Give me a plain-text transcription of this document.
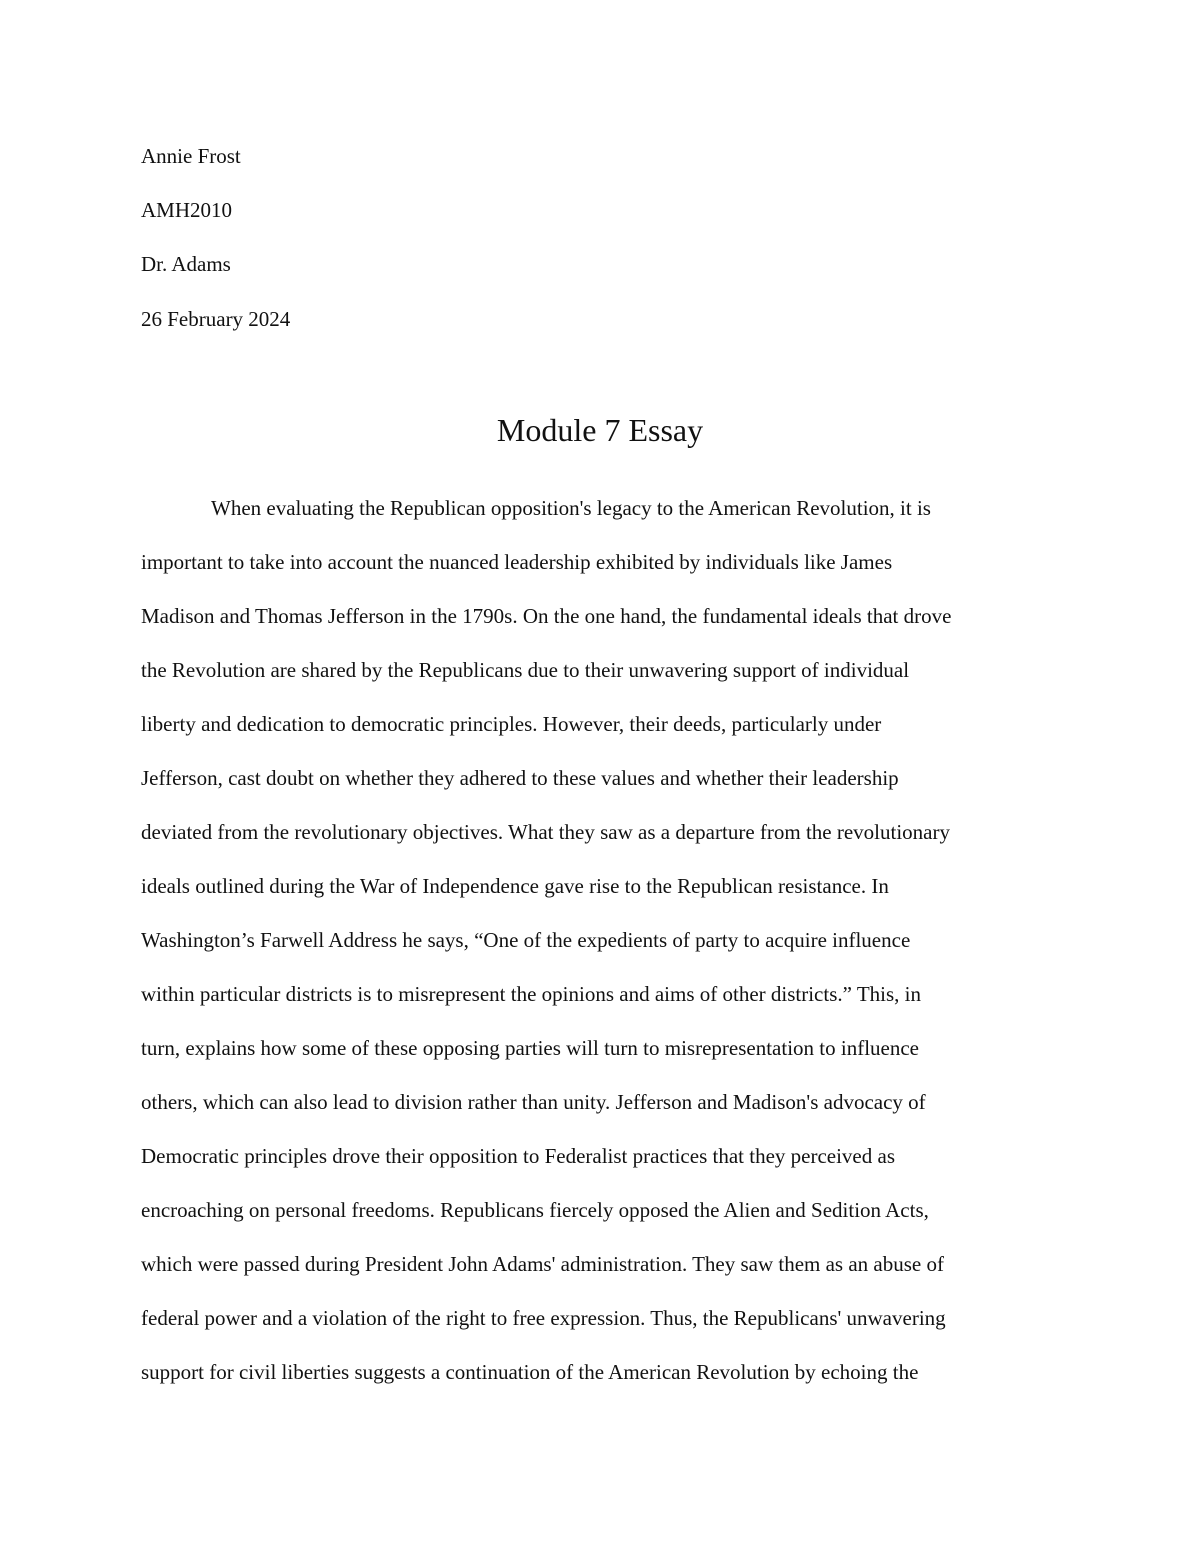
Annie Frost
AMH2010
Dr. Adams
26 February 2024
Module 7 Essay
When evaluating the Republican opposition's legacy to the American Revolution, it is
important to take into account the nuanced leadership exhibited by individuals like James
Madison and Thomas Jefferson in the 1790s. On the one hand, the fundamental ideals that drove
the Revolution are shared by the Republicans due to their unwavering support of individual
liberty and dedication to democratic principles. However, their deeds, particularly under
Jefferson, cast doubt on whether they adhered to these values and whether their leadership
deviated from the revolutionary objectives. What they saw as a departure from the revolutionary
ideals outlined during the War of Independence gave rise to the Republican resistance. In
Washington’s Farwell Address he says, “One of the expedients of party to acquire influence
within particular districts is to misrepresent the opinions and aims of other districts.” This, in
turn, explains how some of these opposing parties will turn to misrepresentation to influence
others, which can also lead to division rather than unity. Jefferson and Madison's advocacy of
Democratic principles drove their opposition to Federalist practices that they perceived as
encroaching on personal freedoms. Republicans fiercely opposed the Alien and Sedition Acts,
which were passed during President John Adams' administration. They saw them as an abuse of
federal power and a violation of the right to free expression. Thus, the Republicans' unwavering
support for civil liberties suggests a continuation of the American Revolution by echoing the
